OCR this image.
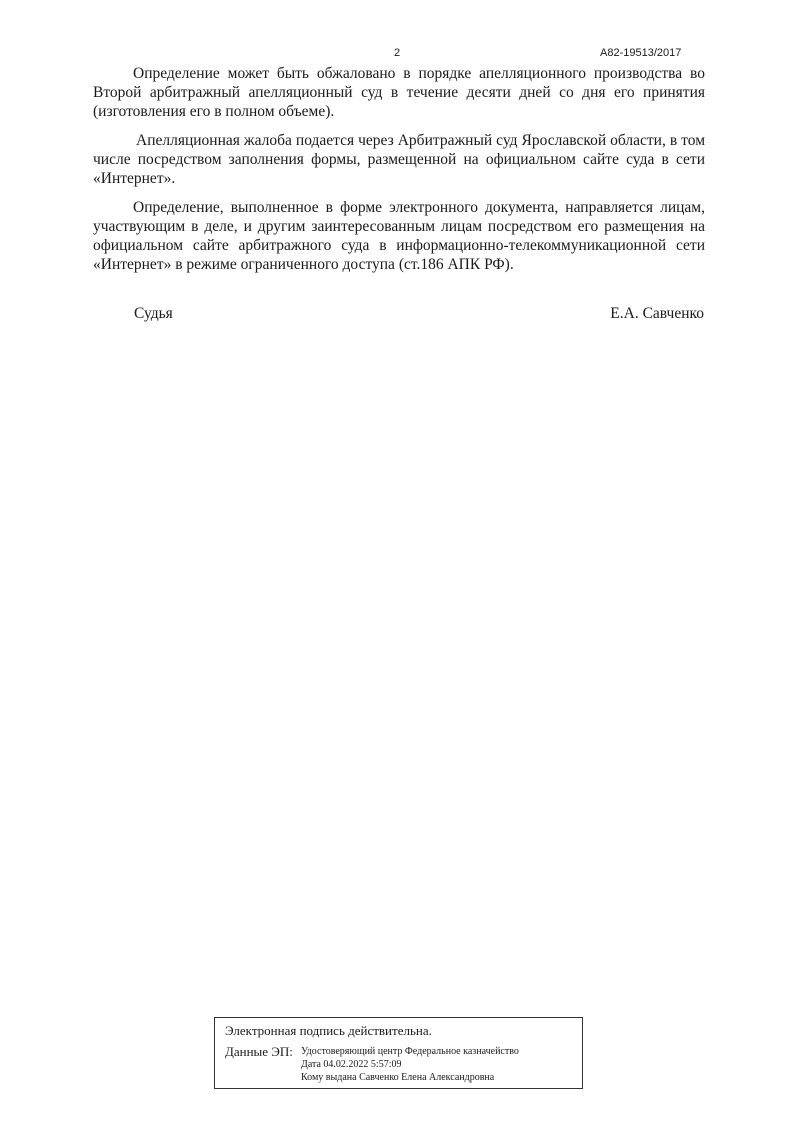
2	А82-19513/2017

Определение может быть обжаловано в порядке апелляционного производства во Второй арбитражный апелляционный суд в течение десяти дней со дня его принятия (изготовления его в полном объеме).

Апелляционная жалоба подается через Арбитражный суд Ярославской области, в том числе посредством заполнения формы, размещенной на официальном сайте суда в сети «Интернет».

Определение, выполненное в форме электронного документа, направляется лицам, участвующим в деле, и другим заинтересованным лицам посредством его размещения на официальном сайте арбитражного суда в информационно-телекоммуникационной сети «Интернет» в режиме ограниченного доступа (ст.186 АПК РФ).

Судья	Е.А. Савченко
Электронная подпись действительна.
Данные ЭП: Удостоверяющий центр Федеральное казначейство
Дата 04.02.2022 5:57:09
Кому выдана Савченко Елена Александровна
